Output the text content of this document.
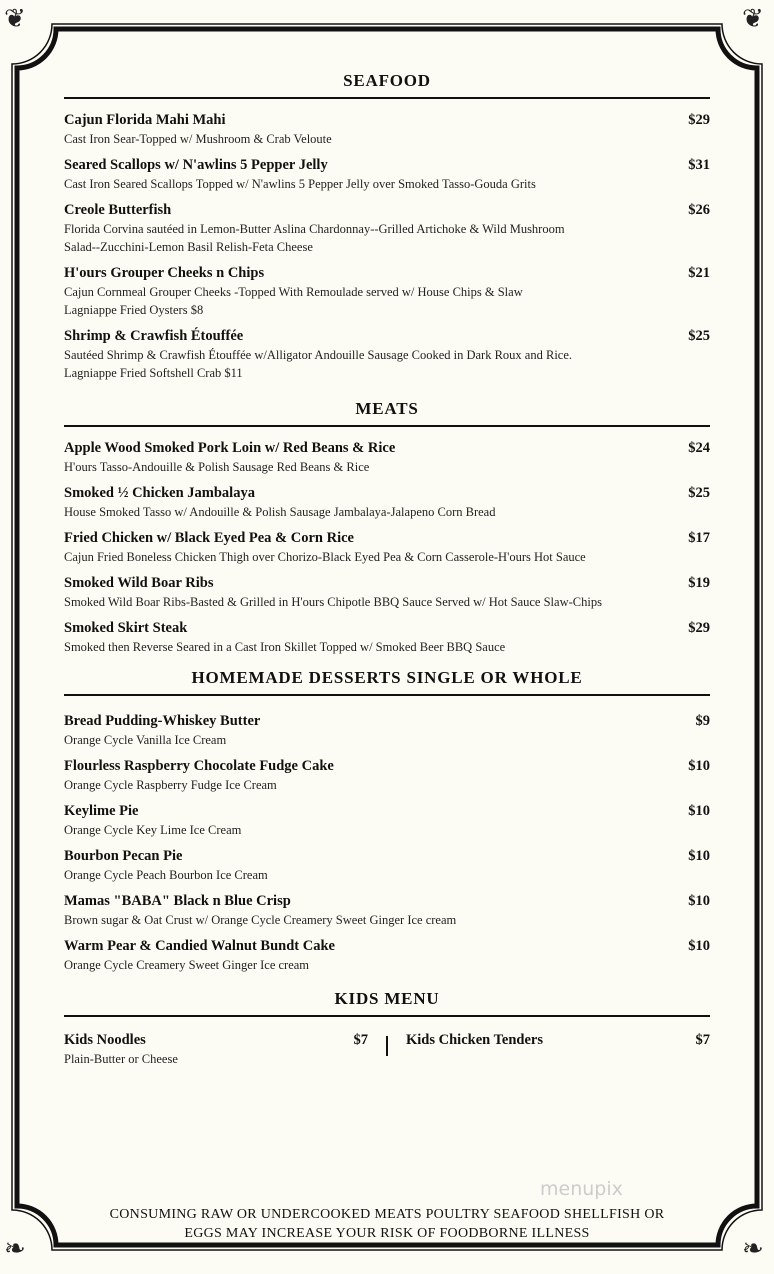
❦	❦
❧	❧
SEAFOOD
Cajun Florida Mahi Mahi	$29
Cast Iron Sear-Topped w/ Mushroom & Crab Veloute
Seared Scallops w/ N'awlins 5 Pepper Jelly	$31
Cast Iron Seared Scallops Topped w/ N'awlins 5 Pepper Jelly over Smoked Tasso-Gouda Grits
Creole Butterfish	$26
Florida Corvina sautéed in Lemon-Butter Aslina Chardonnay--Grilled Artichoke & Wild Mushroom
Salad--Zucchini-Lemon Basil Relish-Feta Cheese
H'ours Grouper Cheeks n Chips	$21
Cajun Cornmeal Grouper Cheeks -Topped With Remoulade served w/ House Chips & Slaw
Lagniappe Fried Oysters $8
Shrimp & Crawfish Étouffée	$25
Sautéed Shrimp & Crawfish Étouffée w/Alligator Andouille Sausage Cooked in Dark Roux and Rice.
Lagniappe Fried Softshell Crab $11
MEATS
Apple Wood Smoked Pork Loin w/ Red Beans & Rice	$24
H'ours Tasso-Andouille & Polish Sausage Red Beans & Rice
Smoked ½ Chicken Jambalaya	$25
House Smoked Tasso w/ Andouille & Polish Sausage Jambalaya-Jalapeno Corn Bread
Fried Chicken w/ Black Eyed Pea & Corn Rice	$17
Cajun Fried Boneless Chicken Thigh over Chorizo-Black Eyed Pea & Corn Casserole-H'ours Hot Sauce
Smoked Wild Boar Ribs	$19
Smoked Wild Boar Ribs-Basted & Grilled in H'ours Chipotle BBQ Sauce Served w/ Hot Sauce Slaw-Chips
Smoked Skirt Steak	$29
Smoked then Reverse Seared in a Cast Iron Skillet Topped w/ Smoked Beer BBQ Sauce
HOMEMADE DESSERTS SINGLE OR WHOLE
Bread Pudding-Whiskey Butter	$9
Orange Cycle Vanilla Ice Cream
Flourless Raspberry Chocolate Fudge Cake	$10
Orange Cycle Raspberry Fudge Ice Cream
Keylime Pie	$10
Orange Cycle Key Lime Ice Cream
Bourbon Pecan Pie	$10
Orange Cycle Peach Bourbon Ice Cream
Mamas "BABA" Black n Blue Crisp	$10
Brown sugar & Oat Crust w/ Orange Cycle Creamery Sweet Ginger Ice cream
Warm Pear & Candied Walnut Bundt Cake	$10
Orange Cycle Creamery Sweet Ginger Ice cream
KIDS MENU
Kids Noodles	$7
Plain-Butter or Cheese
Kids Chicken Tenders	$7
CONSUMING RAW OR UNDERCOOKED MEATS POULTRY SEAFOOD SHELLFISH OR
EGGS MAY INCREASE YOUR RISK OF FOODBORNE ILLNESS
menupix
